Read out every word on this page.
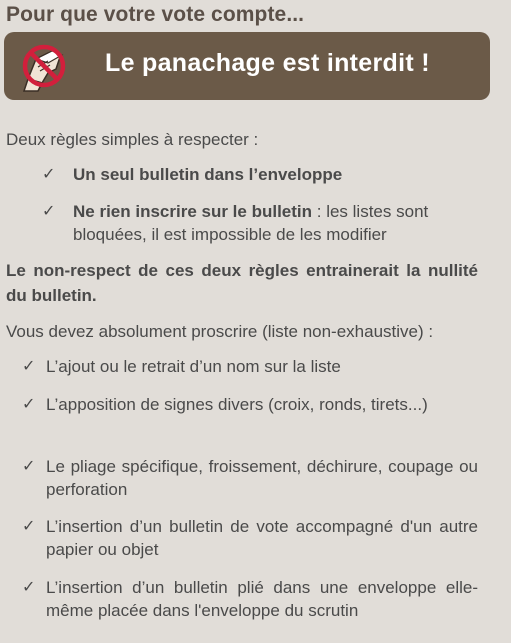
Pour que votre vote compte...
Le panachage est interdit !
Deux règles simples à respecter :
✓ Un seul bulletin dans l’enveloppe
✓ Ne rien inscrire sur le bulletin : les listes sont bloquées, il est impossible de les modifier
Le non-respect de ces deux règles entrainerait la nullité du bulletin.
Vous devez absolument proscrire (liste non-exhaustive) :
✓ L’ajout ou le retrait d’un nom sur la liste
✓ L’apposition de signes divers (croix, ronds, tirets...)
✓ Le pliage spécifique, froissement, déchirure, coupage ou perforation
✓ L’insertion d’un bulletin de vote accompagné d'un autre papier ou objet
✓ L’insertion d’un bulletin plié dans une enveloppe elle-même placée dans l'enveloppe du scrutin
